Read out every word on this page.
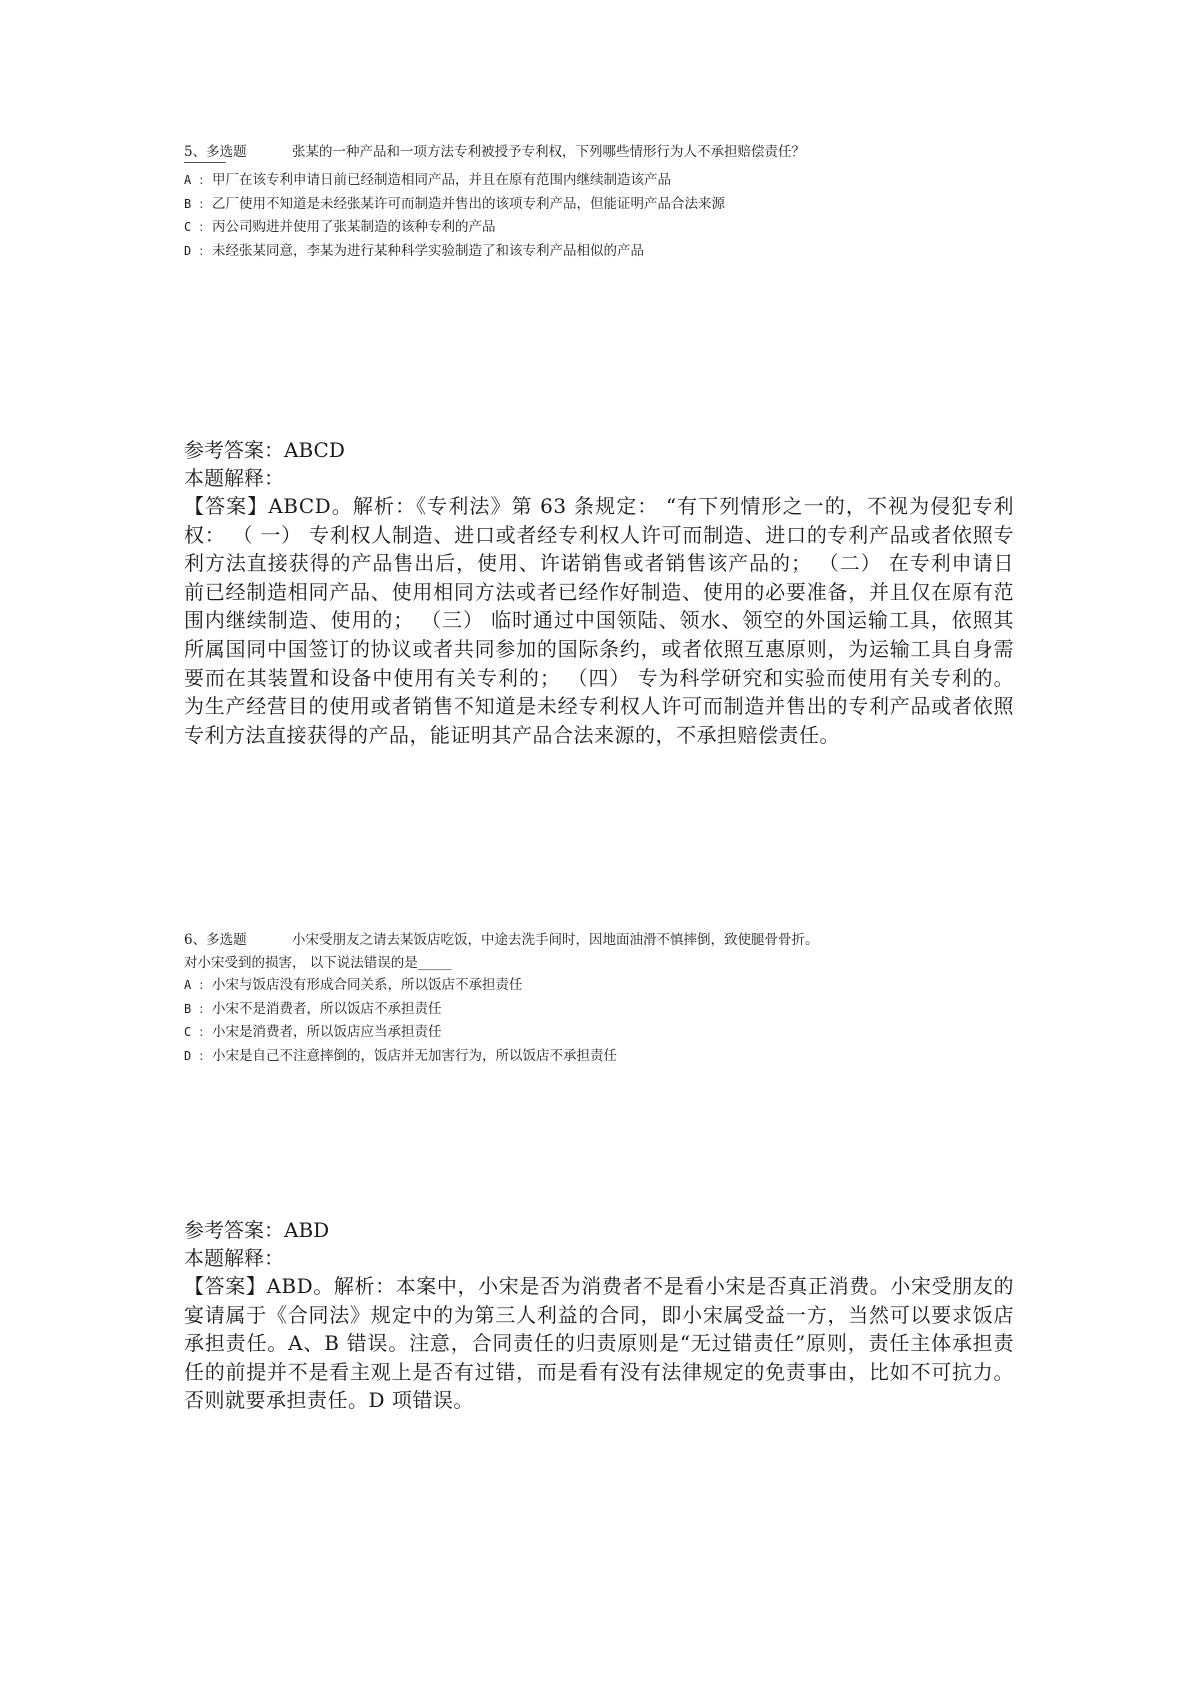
5、多选题	张某的一种产品和一项方法专利被授予专利权，下列哪些情形行为人不承担赔偿责任？
A ： 甲厂在该专利申请日前已经制造相同产品，并且在原有范围内继续制造该产品
B ： 乙厂使用不知道是未经张某许可而制造并售出的该项专利产品，但能证明产品合法来源
C ： 丙公司购进并使用了张某制造的该种专利的产品
D ： 未经张某同意，李某为进行某种科学实验制造了和该专利产品相似的产品
参考答案：ABCD
本题解释：
【答案】ABCD。解析：《专利法》第 63 条规定： “有下列情形之一的，不视为侵犯专利权： （ 一） 专利权人制造、进口或者经专利权人许可而制造、进口的专利产品或者依照专利方法直接获得的产品售出后，使用、许诺销售或者销售该产品的； （二） 在专利申请日前已经制造相同产品、使用相同方法或者已经作好制造、使用的必要准备，并且仅在原有范围内继续制造、使用的； （三） 临时通过中国领陆、领水、领空的外国运输工具，依照其所属国同中国签订的协议或者共同参加的国际条约，或者依照互惠原则，为运输工具自身需要而在其装置和设备中使用有关专利的； （四） 专为科学研究和实验而使用有关专利的。为生产经营目的使用或者销售不知道是未经专利权人许可而制造并售出的专利产品或者依照专利方法直接获得的产品，能证明其产品合法来源的，不承担赔偿责任。
6、多选题	小宋受朋友之请去某饭店吃饭，中途去洗手间时，因地面油滑不慎摔倒，致使腿骨骨折。
对小宋受到的损害， 以下说法错误的是_____
A ： 小宋与饭店没有形成合同关系，所以饭店不承担责任
B ： 小宋不是消费者，所以饭店不承担责任
C ： 小宋是消费者，所以饭店应当承担责任
D ： 小宋是自己不注意摔倒的，饭店并无加害行为，所以饭店不承担责任
参考答案：ABD
本题解释：
【答案】ABD。解析：本案中，小宋是否为消费者不是看小宋是否真正消费。小宋受朋友的宴请属于《合同法》规定中的为第三人利益的合同，即小宋属受益一方，当然可以要求饭店承担责任。A、B 错误。注意，合同责任的归责原则是“无过错责任”原则，责任主体承担责任的前提并不是看主观上是否有过错，而是看有没有法律规定的免责事由，比如不可抗力。否则就要承担责任。D 项错误。
